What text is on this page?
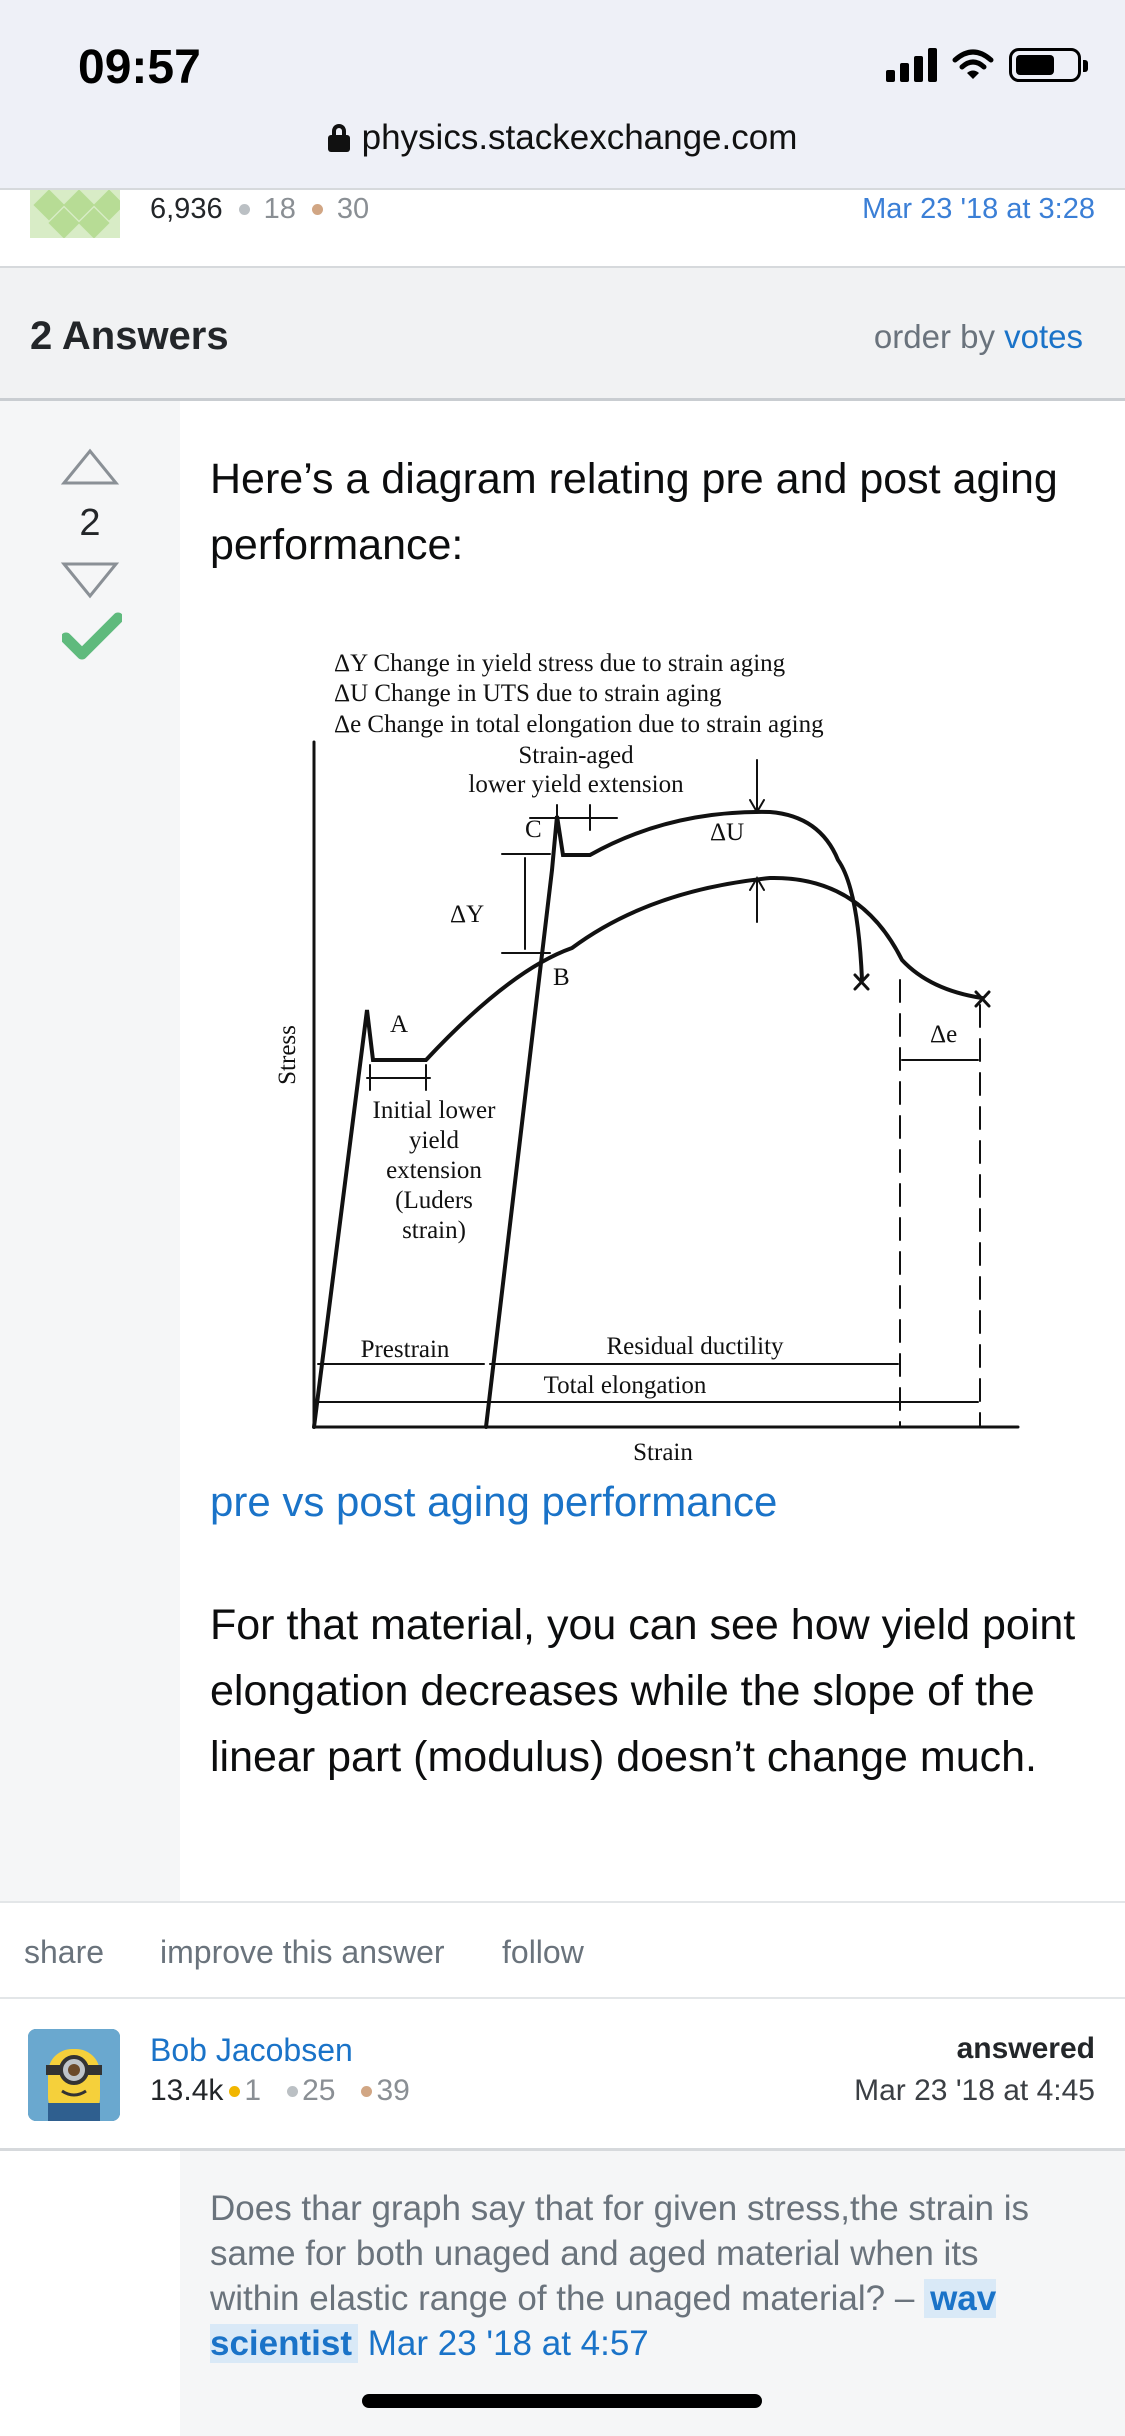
09:57
physics.stackexchange.com
6,936 18 30	Mar 23 '18 at 3:28
2 Answers	order by votes
2
Here’s a diagram relating pre and post aging performance:
ΔY Change in yield stress due to strain aging
ΔU Change in UTS due to strain aging
Δe Change in total elongation due to strain aging
Strain-aged
lower yield extension
C	ΔU
ΔY
B
A	Δe
Initial lower
yield
extension
(Luders
strain)
Prestrain	Residual ductility
Total elongation
Strain
Stress
pre vs post aging performance
For that material, you can see how yield point elongation decreases while the slope of the linear part (modulus) doesn’t change much.
share improve this answer follow
Bob Jacobsen
13.4k 1 25 39
answered
Mar 23 '18 at 4:45
Does thar graph say that for given stress,the strain is same for both unaged and aged material when its within elastic range of the unaged material? – wav scientist Mar 23 '18 at 4:57
